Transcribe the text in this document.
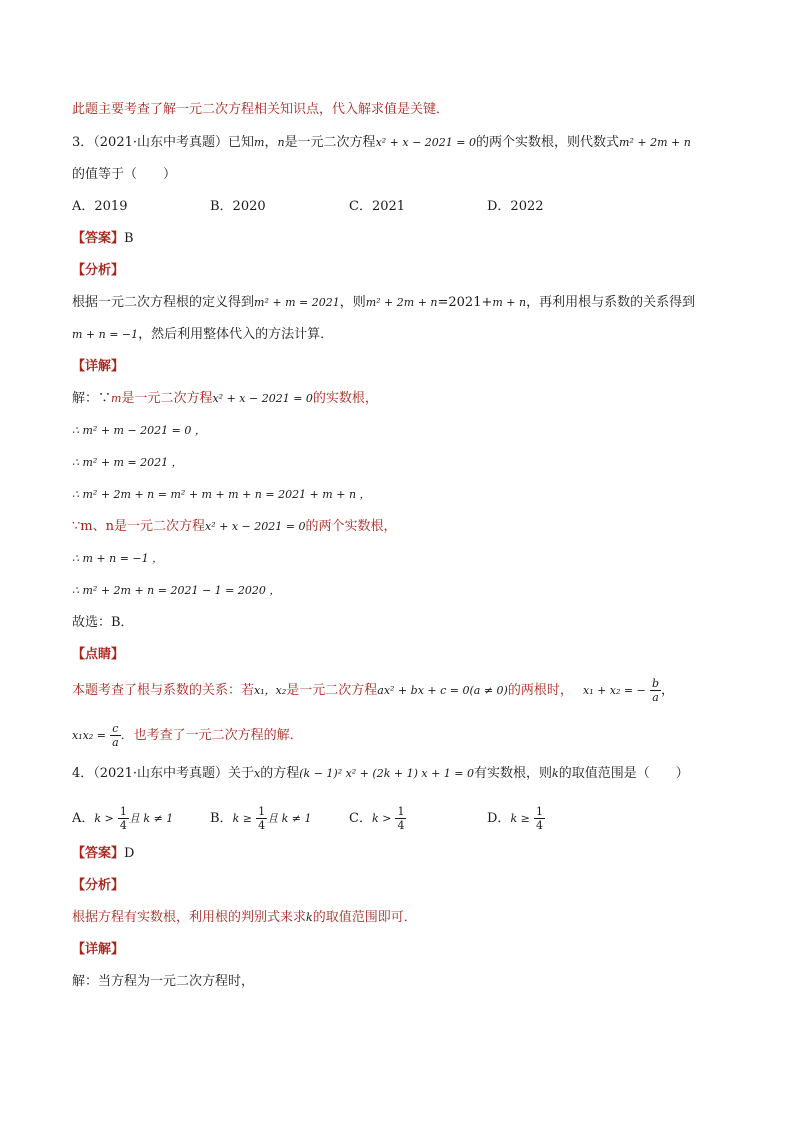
此题主要考查了解一元二次方程相关知识点，代入解求值是关键．
3．（2021·山东中考真题）已知m，n是一元二次方程x² + x − 2021 = 0的两个实数根，则代数式m² + 2m + n
的值等于（　　）
A．2019	B．2020	C．2021	D．2022
【答案】B
【分析】
根据一元二次方程根的定义得到m² + m = 2021，则m² + 2m + n=2021+m + n，再利用根与系数的关系得到
m + n = −1，然后利用整体代入的方法计算．
【详解】
解：∵m是一元二次方程x² + x − 2021 = 0的实数根，
∴ m² + m − 2021 = 0 ，
∴ m² + m = 2021 ，
∴ m² + 2m + n = m² + m + m + n = 2021 + m + n ，
∵m、n是一元二次方程x² + x − 2021 = 0的两个实数根，
∴ m + n = −1 ，
∴ m² + 2m + n = 2021 − 1 = 2020 ，
故选：B．
【点睛】
本题考查了根与系数的关系：若x₁，x₂是一元二次方程ax² + bx + c = 0(a ≠ 0)的两根时， x₁ + x₂ = − $\frac{b}{a}$ ，
$x_1x_2 = \frac{c}{a}$ ．也考查了一元二次方程的解．
4．（2021·山东中考真题）关于x的方程(k − 1)² x² + (2k + 1) x + 1 = 0有实数根，则k的取值范围是（　　）
A．$k > \frac{1}{4}$ 且 k ≠ 1	B．$k \ge \frac{1}{4}$ 且 k ≠ 1	C．$k > \frac{1}{4}$	D．$k \ge \frac{1}{4}$
【答案】D
【分析】
根据方程有实数根，利用根的判别式来求k的取值范围即可．
【详解】
解：当方程为一元二次方程时，
